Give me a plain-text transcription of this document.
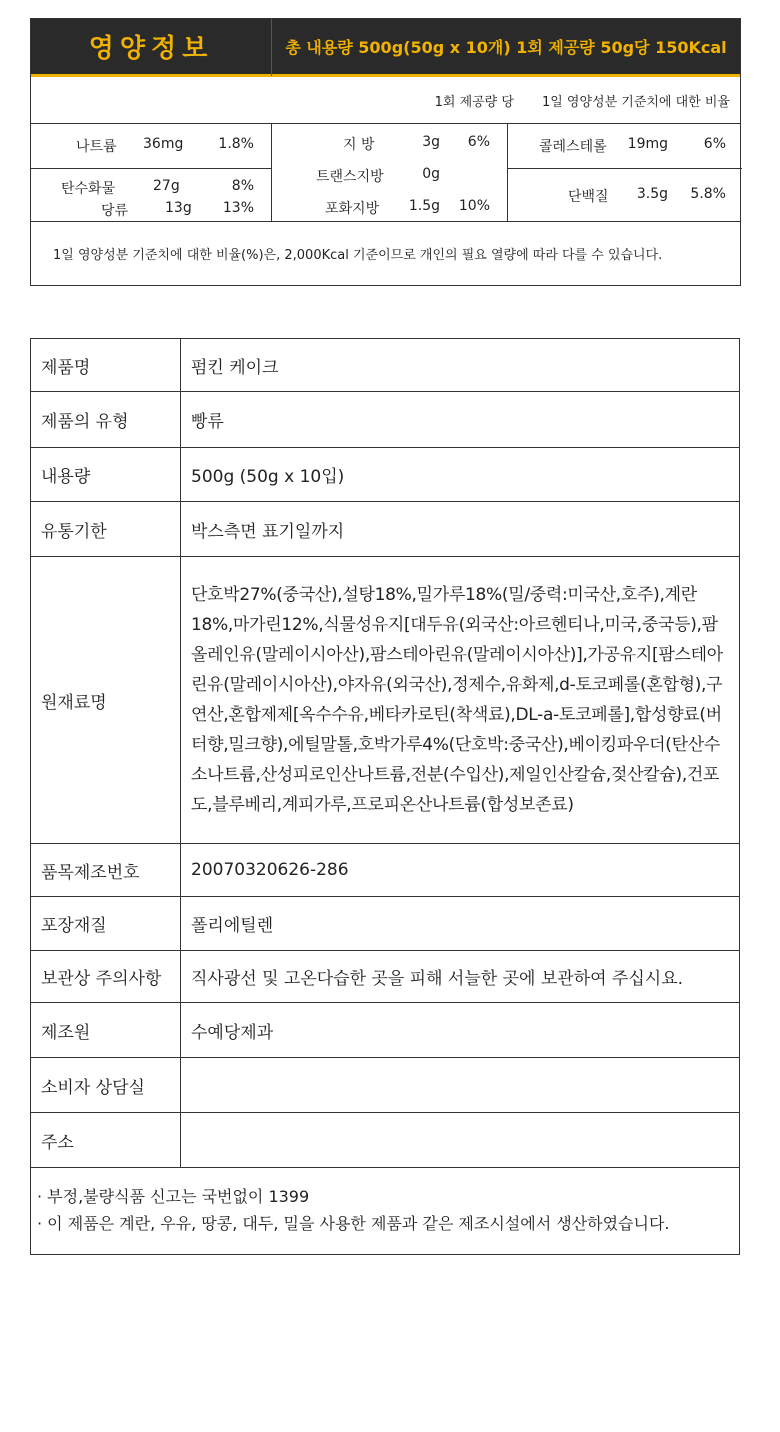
영양정보	총 내용량 500g(50g x 10개) 1회 제공량 50g당 150Kcal
1회 제공량 당 1일 영양성분 기준치에 대한 비율
나트륨 36mg	1.8%
탄수화물	27g	8%
당류	13g 13%
지 방	3g 6%
트랜스지방	0g
포화지방 1.5g 10%
콜레스테롤 19mg	6%
단백질 3.5g 5.8%
1일 영양성분 기준치에 대한 비율(%)은, 2,000Kcal 기준이므로 개인의 필요 열량에 따라 다를 수 있습니다.
제품명	펌킨 케이크
제품의 유형	빵류
내용량	500g (50g x 10입)
유통기한	박스측면 표기일까지
원재료명	단호박27%(중국산),설탕18%,밀가루18%(밀/중력:미국산,호주),계란18%,마가린12%,식물성유지[대두유(외국산:아르헨티나,미국,중국등),팜올레인유(말레이시아산),팜스테아린유(말레이시아산)],가공유지[팜스테아린유(말레이시아산),야자유(외국산),정제수,유화제,d-토코페롤(혼합형),구연산,혼합제제[옥수수유,베타카로틴(착색료),DL-a-토코페롤],합성향료(버터향,밀크향),에틸말톨,호박가루4%(단호박:중국산),베이킹파우더(탄산수소나트륨,산성피로인산나트륨,전분(수입산),제일인산칼슘,젖산칼슘),건포도,블루베리,계피가루,프로피온산나트륨(합성보존료)
품목제조번호	20070320626-286
포장재질	폴리에틸렌
보관상 주의사항	직사광선 및 고온다습한 곳을 피해 서늘한 곳에 보관하여 주십시요.
제조원	수예당제과
소비자 상담실	
주소	
· 부정,불량식품 신고는 국번없이 1399
· 이 제품은 계란, 우유, 땅콩, 대두, 밀을 사용한 제품과 같은 제조시설에서 생산하였습니다.
